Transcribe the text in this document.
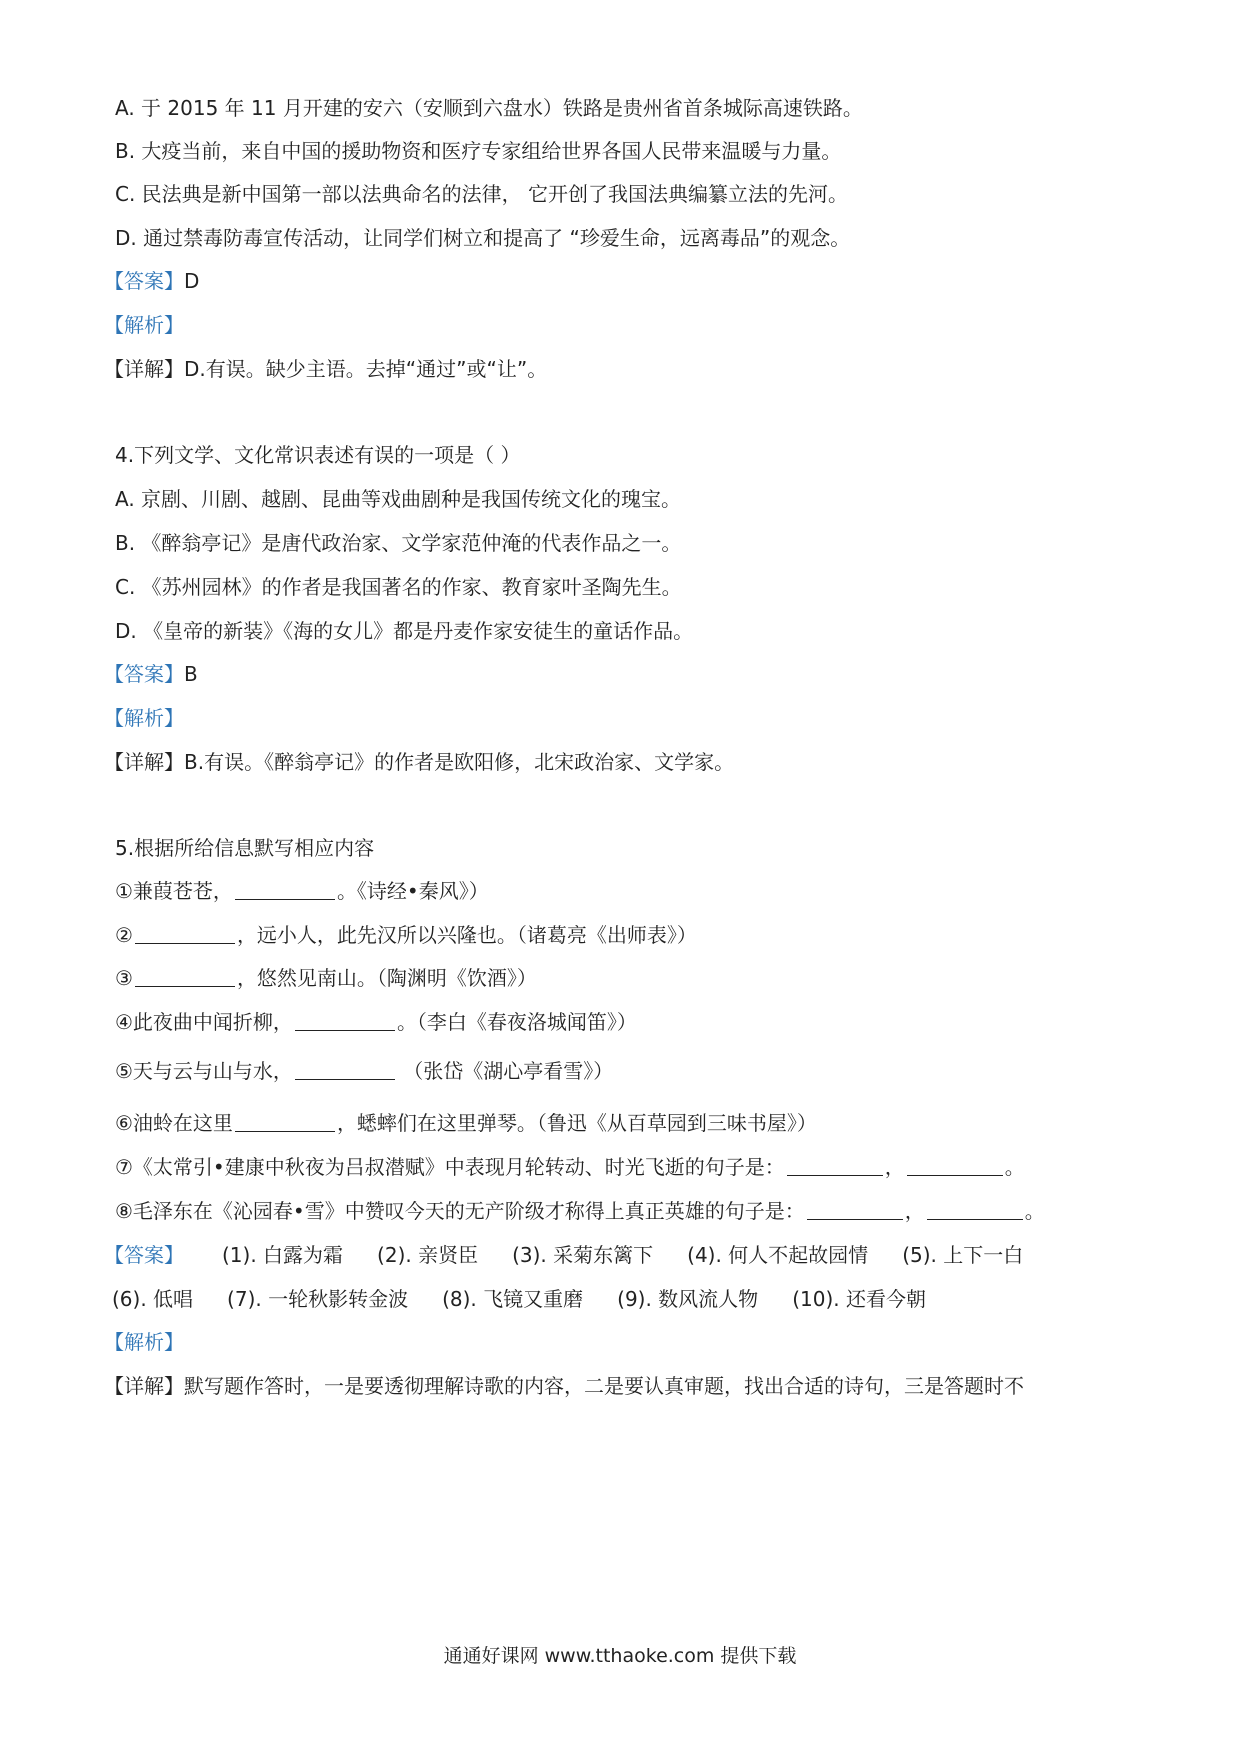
A. 于 2015 年 11 月开建的安六（安顺到六盘水）铁路是贵州省首条城际高速铁路。
B. 大疫当前，来自中国的援助物资和医疗专家组给世界各国人民带来温暖与力量。
C. 民法典是新中国第一部以法典命名的法律， 它开创了我国法典编纂立法的先河。
D. 通过禁毒防毒宣传活动，让同学们树立和提高了 “珍爱生命，远离毒品”的观念。
【答案】D
【解析】
【详解】D.有误。缺少主语。去掉“通过”或“让”。
4.下列文学、文化常识表述有误的一项是（ ）
A. 京剧、川剧、越剧、昆曲等戏曲剧种是我国传统文化的瑰宝。
B. 《醉翁亭记》是唐代政治家、文学家范仲淹的代表作品之一。
C. 《苏州园林》的作者是我国著名的作家、教育家叶圣陶先生。
D. 《皇帝的新装》《海的女儿》都是丹麦作家安徒生的童话作品。
【答案】B
【解析】
【详解】B.有误。《醉翁亭记》的作者是欧阳修，北宋政治家、文学家。
5.根据所给信息默写相应内容
①兼葭苍苍，	。《诗经•秦风》）
②	，远小人，此先汉所以兴隆也。（诸葛亮《出师表》）
③	，悠然见南山。（陶渊明《饮酒》）
④此夜曲中闻折柳，	。（李白《春夜洛城闻笛》）
⑤天与云与山与水，	（张岱《湖心亭看雪》）
⑥油蛉在这里	，蟋蟀们在这里弹琴。（鲁迅《从百草园到三味书屋》）
⑦《太常引•建康中秋夜为吕叔潜赋》中表现月轮转动、时光飞逝的句子是：	，	。
⑧毛泽东在《沁园春•雪》中赞叹今天的无产阶级才称得上真正英雄的句子是：	，	。
【答案】 (1). 白露为霜 (2). 亲贤臣 (3). 采菊东篱下 (4). 何人不起故园情 (5). 上下一白
(6). 低唱 (7). 一轮秋影转金波 (8). 飞镜又重磨 (9). 数风流人物 (10). 还看今朝
【解析】
【详解】默写题作答时，一是要透彻理解诗歌的内容，二是要认真审题，找出合适的诗句，三是答题时不
通通好课网 www.tthaoke.com 提供下载
